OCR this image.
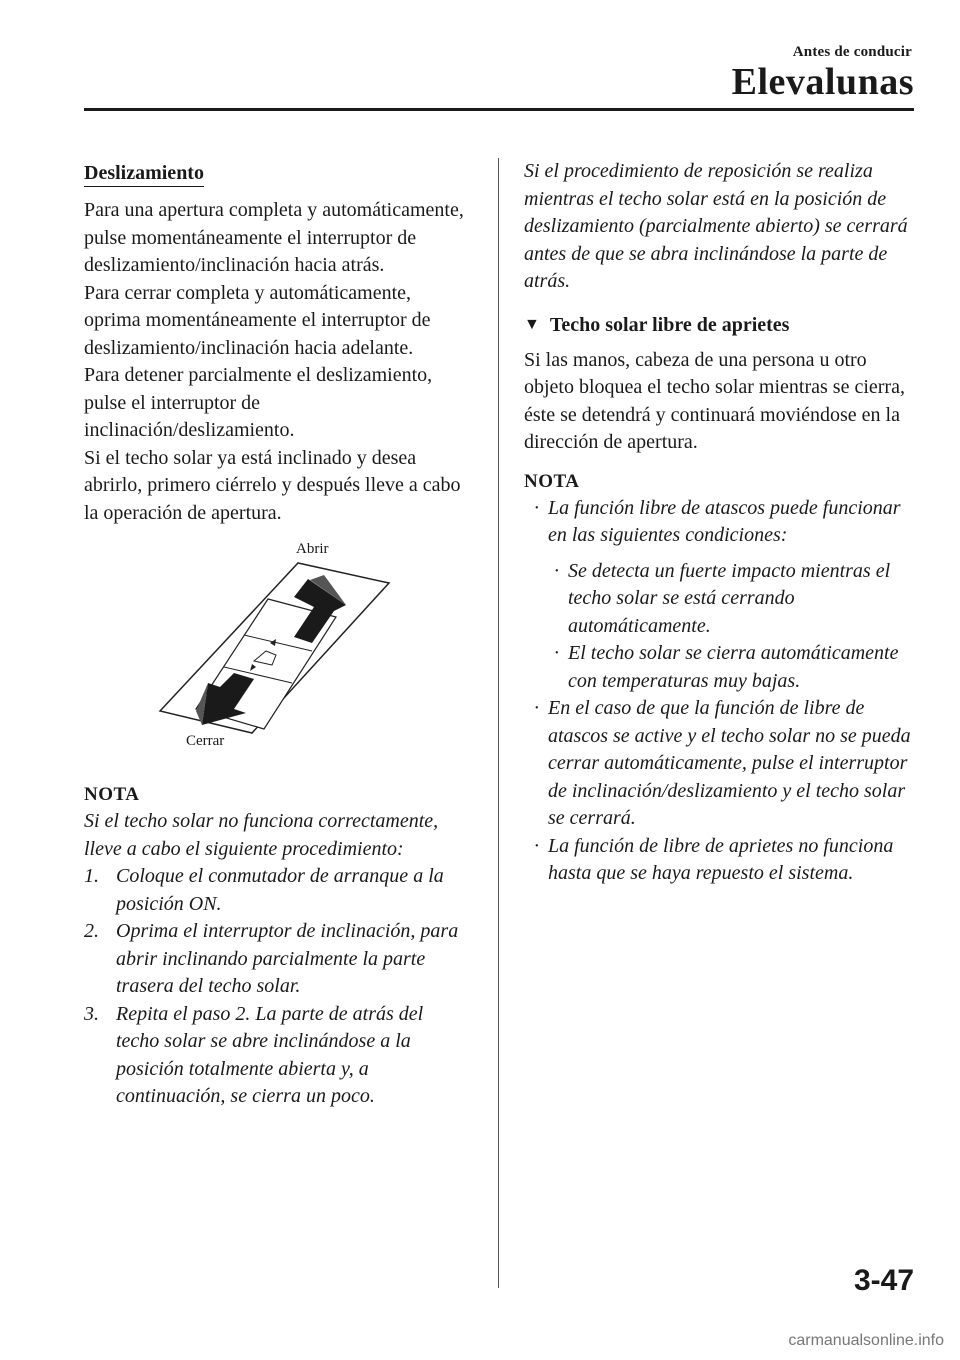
Antes de conducir
Elevalunas
Deslizamiento

Para una apertura completa y automáticamente, pulse momentáneamente el interruptor de deslizamiento/inclinación hacia atrás.

Para cerrar completa y automáticamente, oprima momentáneamente el interruptor de deslizamiento/inclinación hacia adelante.

Para detener parcialmente el deslizamiento, pulse el interruptor de inclinación/deslizamiento.

Si el techo solar ya está inclinado y desea abrirlo, primero ciérrelo y después lleve a cabo la operación de apertura.

Abrir
Cerrar
NOTA

Si el techo solar no funciona correctamente, lleve a cabo el siguiente procedimiento:

1. Coloque el conmutador de arranque a la posición ON.
2. Oprima el interruptor de inclinación, para abrir inclinando parcialmente la parte trasera del techo solar.
3. Repita el paso 2. La parte de atrás del techo solar se abre inclinándose a la posición totalmente abierta y, a continuación, se cierra un poco.

Si el procedimiento de reposición se realiza mientras el techo solar está en la posición de deslizamiento (parcialmente abierto) se cerrará antes de que se abra inclinándose la parte de atrás.

▼ Techo solar libre de aprietes

Si las manos, cabeza de una persona u otro objeto bloquea el techo solar mientras se cierra, éste se detendrá y continuará moviéndose en la dirección de apertura.

NOTA
· La función libre de atascos puede funcionar en las siguientes condiciones:
· Se detecta un fuerte impacto mientras el techo solar se está cerrando automáticamente.
· El techo solar se cierra automáticamente con temperaturas muy bajas.
· En el caso de que la función de libre de atascos se active y el techo solar no se pueda cerrar automáticamente, pulse el interruptor de inclinación/deslizamiento y el techo solar se cerrará.
· La función de libre de aprietes no funciona hasta que se haya repuesto el sistema.
3-47
carmanualsonline.info
